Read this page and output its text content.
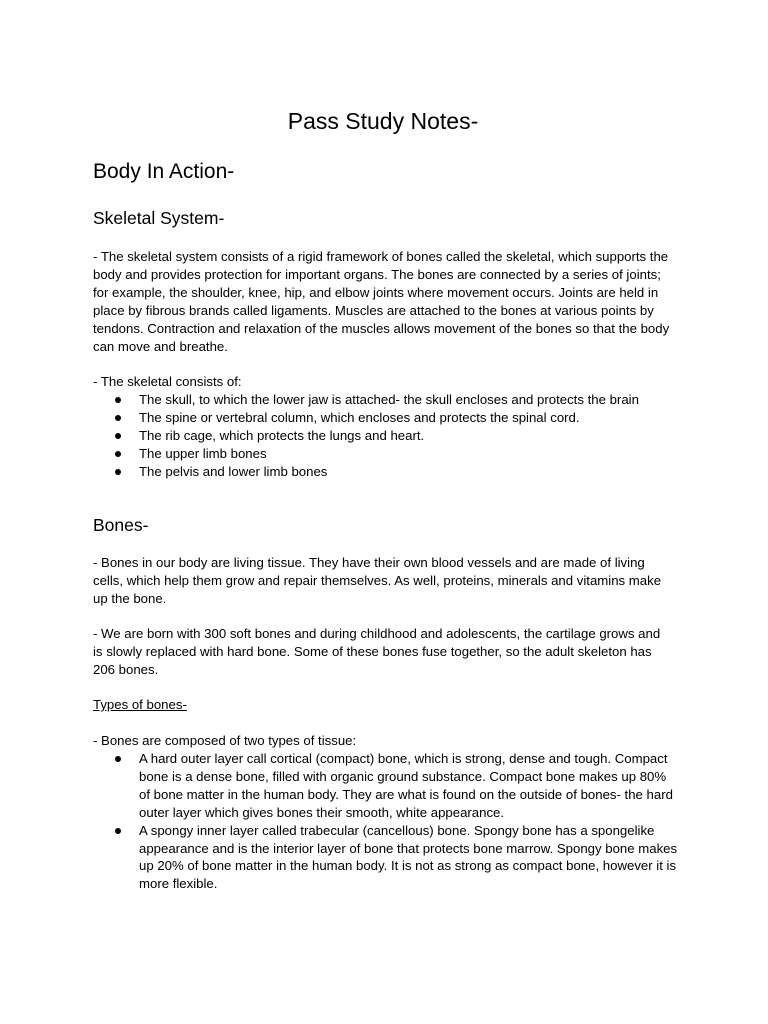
Pass Study Notes-
Body In Action-
Skeletal System-

- The skeletal system consists of a rigid framework of bones called the skeletal, which supports the body and provides protection for important organs. The bones are connected by a series of joints; for example, the shoulder, knee, hip, and elbow joints where movement occurs. Joints are held in place by fibrous brands called ligaments. Muscles are attached to the bones at various points by tendons. Contraction and relaxation of the muscles allows movement of the bones so that the body can move and breathe.

- The skeletal consists of:

The skull, to which the lower jaw is attached- the skull encloses and protects the brain
The spine or vertebral column, which encloses and protects the spinal cord.
The rib cage, which protects the lungs and heart.
The upper limb bones
The pelvis and lower limb bones
Bones-

- Bones in our body are living tissue. They have their own blood vessels and are made of living cells, which help them grow and repair themselves. As well, proteins, minerals and vitamins make up the bone.

- We are born with 300 soft bones and during childhood and adolescents, the cartilage grows and is slowly replaced with hard bone. Some of these bones fuse together, so the adult skeleton has 206 bones.

Types of bones-

- Bones are composed of two types of tissue:

A hard outer layer call cortical (compact) bone, which is strong, dense and tough. Compact bone is a dense bone, filled with organic ground substance. Compact bone makes up 80% of bone matter in the human body. They are what is found on the outside of bones- the hard outer layer which gives bones their smooth, white appearance.
A spongy inner layer called trabecular (cancellous) bone. Spongy bone has a spongelike appearance and is the interior layer of bone that protects bone marrow. Spongy bone makes up 20% of bone matter in the human body. It is not as strong as compact bone, however it is more flexible.
